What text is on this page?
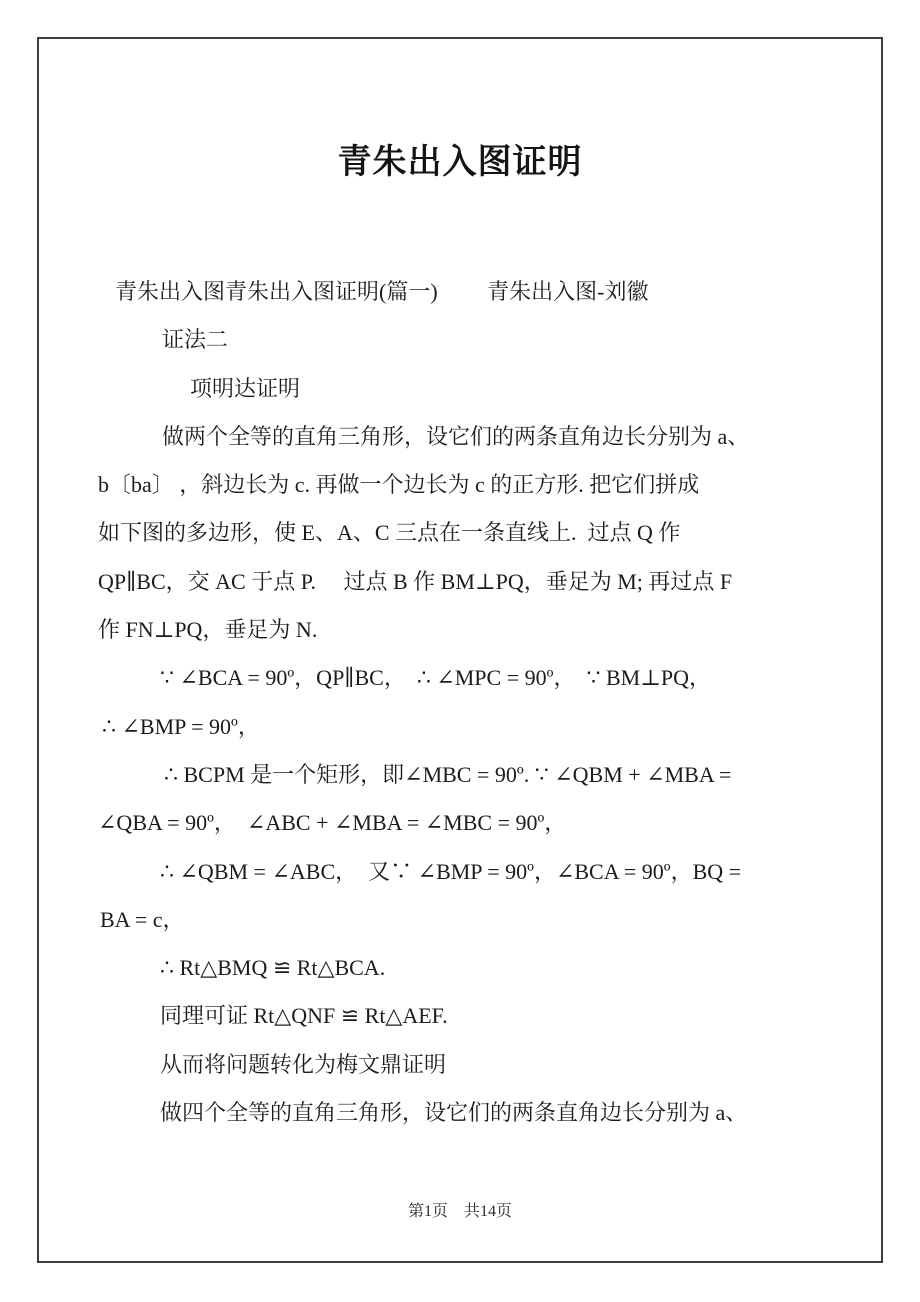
青朱出入图证明
青朱出入图青朱出入图证明(篇一)　　 青朱出入图-刘徽
证法二
项明达证明
做两个全等的直角三角形，设它们的两条直角边长分别为 a、
b〔ba〕 ，斜边长为 c. 再做一个边长为 c 的正方形. 把它们拼成
如下图的多边形，使 E、A、C 三点在一条直线上.  过点 Q 作
QP∥BC，交 AC 于点 P. 　过点 B 作 BM⊥PQ，垂足为 M; 再过点 F
作 FN⊥PQ，垂足为 N.
∵ ∠BCA = 90º，QP∥BC，　∴ ∠MPC = 90º，　∵ BM⊥PQ，
∴ ∠BMP = 90º，
∴ BCPM 是一个矩形，即∠MBC = 90º. ∵ ∠QBM + ∠MBA =
∠QBA = 90º，　∠ABC + ∠MBA = ∠MBC = 90º，
∴ ∠QBM = ∠ABC，　又∵ ∠BMP = 90º，∠BCA = 90º，BQ =
BA = c，
∴ Rt△BMQ ≌ Rt△BCA.
同理可证 Rt△QNF ≌ Rt△AEF.
从而将问题转化为梅文鼎证明
做四个全等的直角三角形，设它们的两条直角边长分别为 a、
第1页　共14页
